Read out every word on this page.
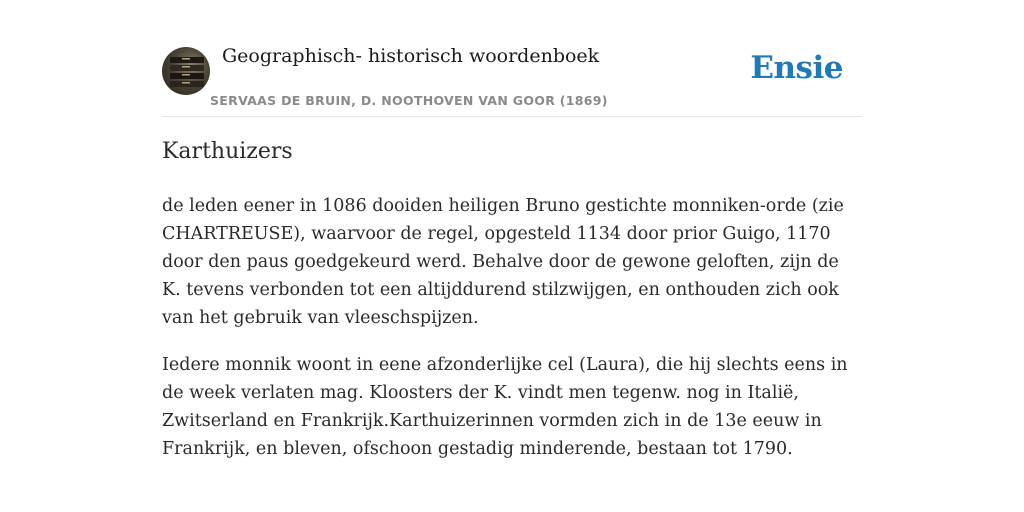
Geographisch- historisch woordenboek
SERVAAS DE BRUIN, D. NOOTHOVEN VAN GOOR (1869)
Ensie
Karthuizers

de leden eener in 1086 dooiden heiligen Bruno gestichte monniken-orde (zie CHARTREUSE), waarvoor de regel, opgesteld 1134 door prior Guigo, 1170 door den paus goedgekeurd werd. Behalve door de gewone geloften, zijn de K. tevens verbonden tot een altijddurend stilzwijgen, en onthouden zich ook van het gebruik van vleeschspijzen.

Iedere monnik woont in eene afzonderlijke cel (Laura), die hij slechts eens in de week verlaten mag. Kloosters der K. vindt men tegenw. nog in Italië, Zwitserland en Frankrijk.Karthuizerinnen vormden zich in de 13e eeuw in Frankrijk, en bleven, ofschoon gestadig minderende, bestaan tot 1790.
